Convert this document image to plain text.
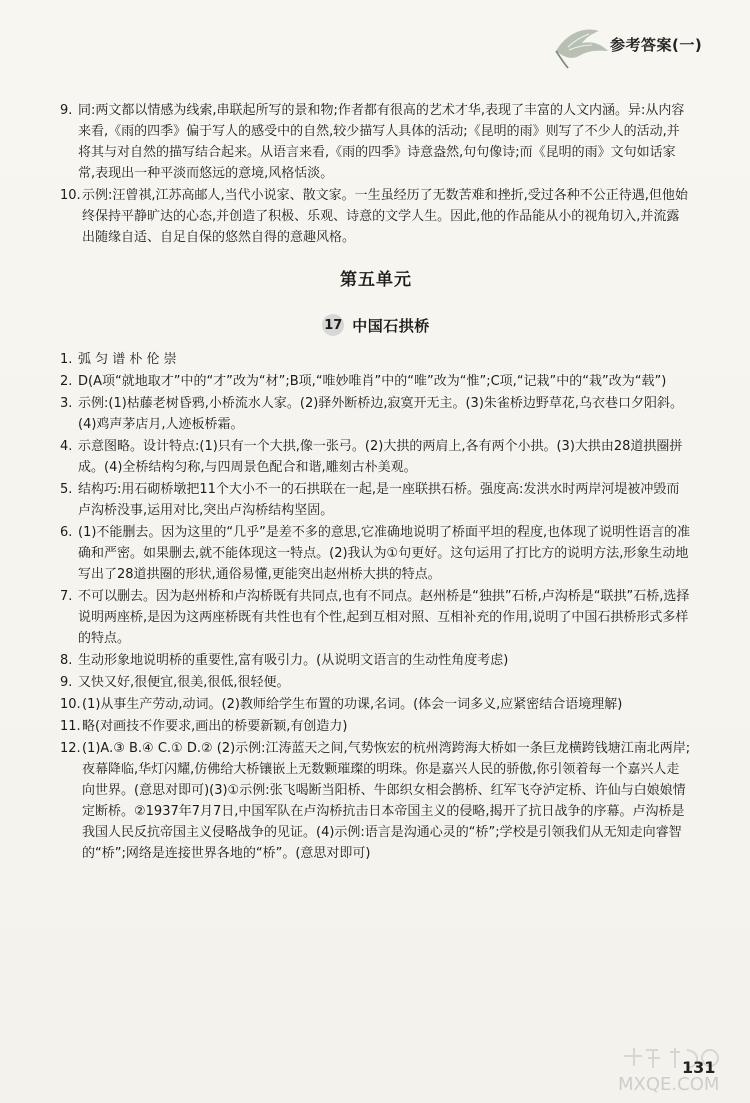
参考答案(一)
9. 同:两文都以情感为线索,串联起所写的景和物;作者都有很高的艺术才华,表现了丰富的人文内涵。异:从内容来看,《雨的四季》偏于写人的感受中的自然,较少描写人具体的活动;《昆明的雨》则写了不少人的活动,并将其与对自然的描写结合起来。从语言来看,《雨的四季》诗意盎然,句句像诗;而《昆明的雨》文句如话家常,表现出一种平淡而悠远的意境,风格恬淡。
10. 示例:汪曾祺,江苏高邮人,当代小说家、散文家。一生虽经历了无数苦难和挫折,受过各种不公正待遇,但他始终保持平静旷达的心态,并创造了积极、乐观、诗意的文学人生。因此,他的作品能从小的视角切入,并流露出随缘自适、自足自保的悠然自得的意趣风格。
第五单元
17 中国石拱桥
1. 弧 匀 谱 朴 伦 崇
2. D(A项“就地取才”中的“才”改为“材”;B项,“唯妙唯肖”中的“唯”改为“惟”;C项,“记栽”中的“栽”改为“载”)
3. 示例:(1)枯藤老树昏鸦,小桥流水人家。(2)驿外断桥边,寂寞开无主。(3)朱雀桥边野草花,乌衣巷口夕阳斜。(4)鸡声茅店月,人迹板桥霜。
4. 示意图略。设计特点:(1)只有一个大拱,像一张弓。(2)大拱的两肩上,各有两个小拱。(3)大拱由28道拱圈拼成。(4)全桥结构匀称,与四周景色配合和谐,雕刻古朴美观。
5. 结构巧:用石砌桥墩把11个大小不一的石拱联在一起,是一座联拱石桥。强度高:发洪水时两岸河堤被冲毁而卢沟桥没事,运用对比,突出卢沟桥结构坚固。
6. (1)不能删去。因为这里的“几乎”是差不多的意思,它准确地说明了桥面平坦的程度,也体现了说明性语言的准确和严密。如果删去,就不能体现这一特点。(2)我认为①句更好。这句运用了打比方的说明方法,形象生动地写出了28道拱圈的形状,通俗易懂,更能突出赵州桥大拱的特点。
7. 不可以删去。因为赵州桥和卢沟桥既有共同点,也有不同点。赵州桥是“独拱”石桥,卢沟桥是“联拱”石桥,选择说明两座桥,是因为这两座桥既有共性也有个性,起到互相对照、互相补充的作用,说明了中国石拱桥形式多样的特点。
8. 生动形象地说明桥的重要性,富有吸引力。(从说明文语言的生动性角度考虑)
9. 又快又好,很便宜,很美,很低,很轻便。
10. (1)从事生产劳动,动词。(2)教师给学生布置的功课,名词。(体会一词多义,应紧密结合语境理解)
11. 略(对画技不作要求,画出的桥要新颖,有创造力)
12. (1)A.③ B.④ C.① D.② (2)示例:江涛蓝天之间,气势恢宏的杭州湾跨海大桥如一条巨龙横跨钱塘江南北两岸;夜幕降临,华灯闪耀,仿佛给大桥镶嵌上无数颗璀璨的明珠。你是嘉兴人民的骄傲,你引领着每一个嘉兴人走向世界。(意思对即可)(3)①示例:张飞喝断当阳桥、牛郎织女相会鹊桥、红军飞夺泸定桥、许仙与白娘娘情定断桥。②1937年7月7日,中国军队在卢沟桥抗击日本帝国主义的侵略,揭开了抗日战争的序幕。卢沟桥是我国人民反抗帝国主义侵略战争的见证。(4)示例:语言是沟通心灵的“桥”;学校是引领我们从无知走向睿智的“桥”;网络是连接世界各地的“桥”。(意思对即可)
MXQE.COM
131
